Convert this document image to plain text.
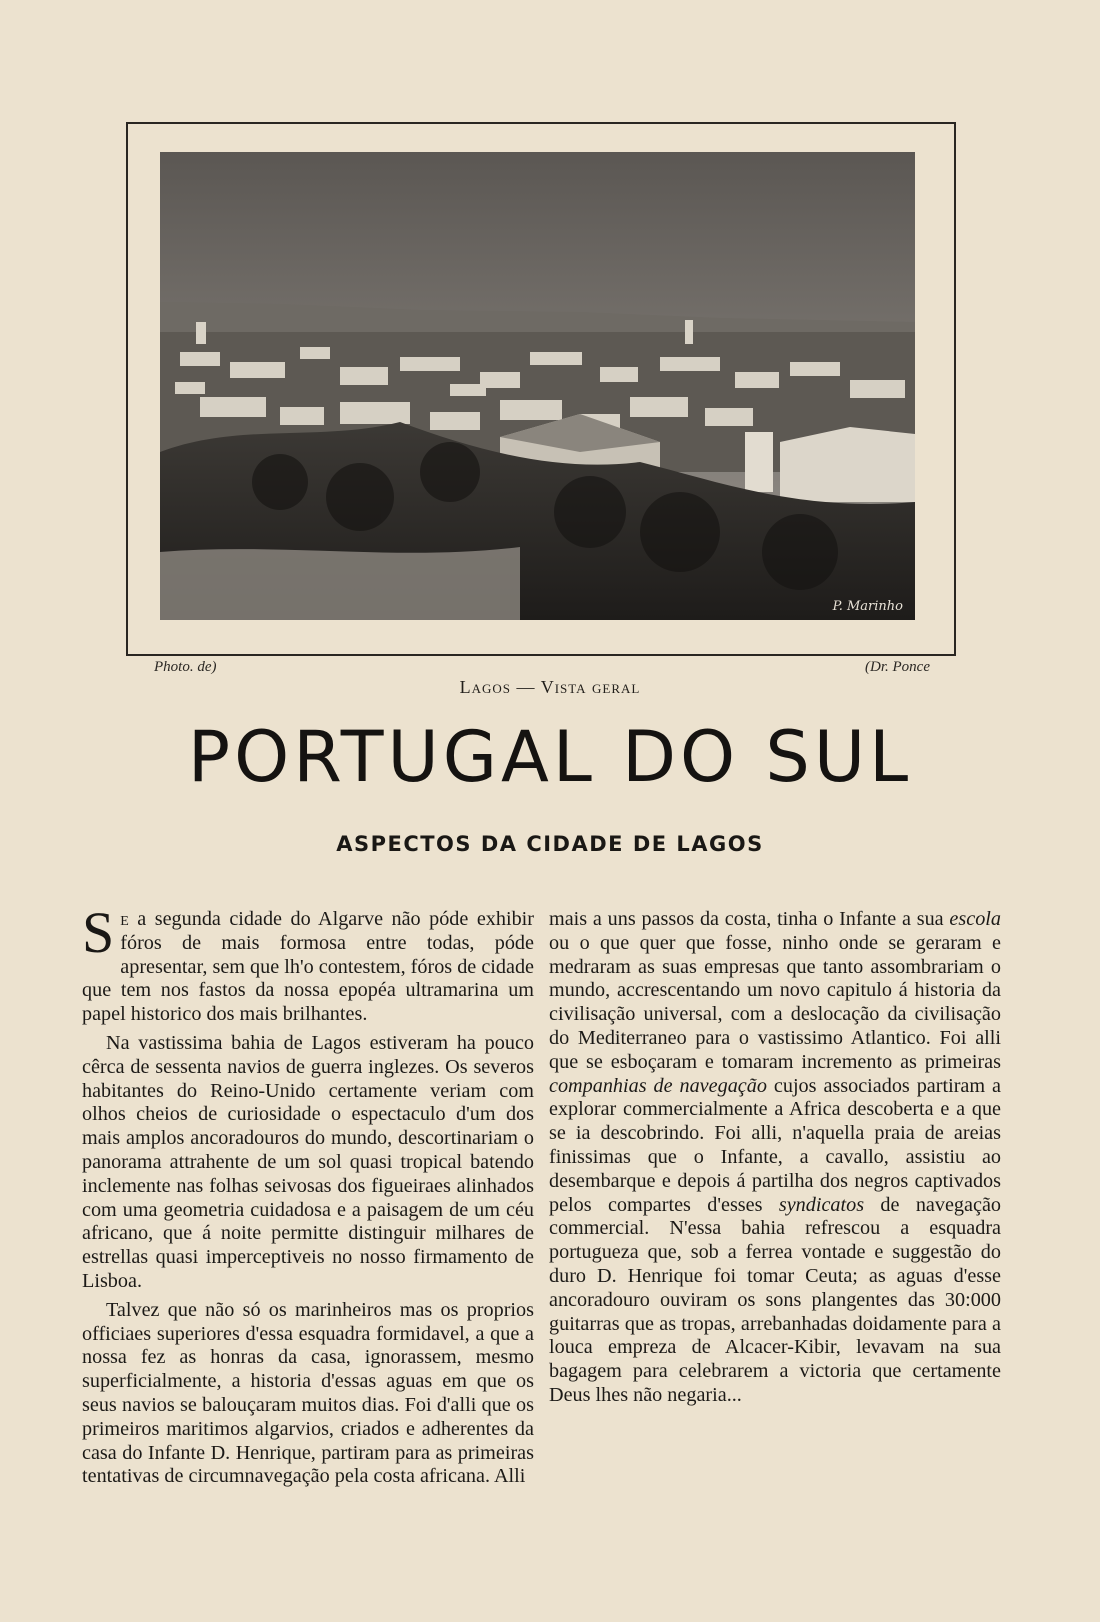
P. Marinho
Photo. de)	(Dr. Ponce
Lagos — Vista geral
PORTUGAL DO SUL
ASPECTOS DA CIDADE DE LAGOS

Se a segunda cidade do Algarve não póde exhibir fóros de mais formosa entre todas, póde apresentar, sem que lh'o contestem, fóros de cidade que tem nos fastos da nossa epopéa ultramarina um papel historico dos mais brilhantes.

Na vastissima bahia de Lagos estiveram ha pouco cêrca de sessenta navios de guerra inglezes. Os severos habitantes do Reino-Unido certamente veriam com olhos cheios de curiosidade o espectaculo d'um dos mais amplos ancoradouros do mundo, descortinariam o panorama attrahente de um sol quasi tropical batendo inclemente nas folhas seivosas dos figueiraes alinhados com uma geometria cuidadosa e a paisagem de um céu africano, que á noite permitte distinguir milhares de estrellas quasi imperceptiveis no nosso firmamento de Lisboa.

Talvez que não só os marinheiros mas os proprios officiaes superiores d'essa esquadra formidavel, a que a nossa fez as honras da casa, ignorassem, mesmo superficialmente, a historia d'essas aguas em que os seus navios se balouçaram muitos dias. Foi d'alli que os primeiros maritimos algarvios, criados e adherentes da casa do Infante D. Henrique, partiram para as primeiras tentativas de circumnavegação pela costa africana. Alli

mais a uns passos da costa, tinha o Infante a sua escola ou o que quer que fosse, ninho onde se geraram e medraram as suas empresas que tanto assombrariam o mundo, accrescentando um novo capitulo á historia da civilisação universal, com a deslocação da civilisação do Mediterraneo para o vastissimo Atlantico. Foi alli que se esboçaram e tomaram incremento as primeiras companhias de navegação cujos associados partiram a explorar commercialmente a Africa descoberta e a que se ia descobrindo. Foi alli, n'aquella praia de areias finissimas que o Infante, a cavallo, assistiu ao desembarque e depois á partilha dos negros captivados pelos compartes d'esses syndicatos de navegação commercial. N'essa bahia refrescou a esquadra portugueza que, sob a ferrea vontade e suggestão do duro D. Henrique foi tomar Ceuta; as aguas d'esse ancoradouro ouviram os sons plangentes das 30:000 guitarras que as tropas, arrebanhadas doidamente para a louca empreza de Alcacer-Kibir, levavam na sua bagagem para celebrarem a victoria que certamente Deus lhes não negaria...
